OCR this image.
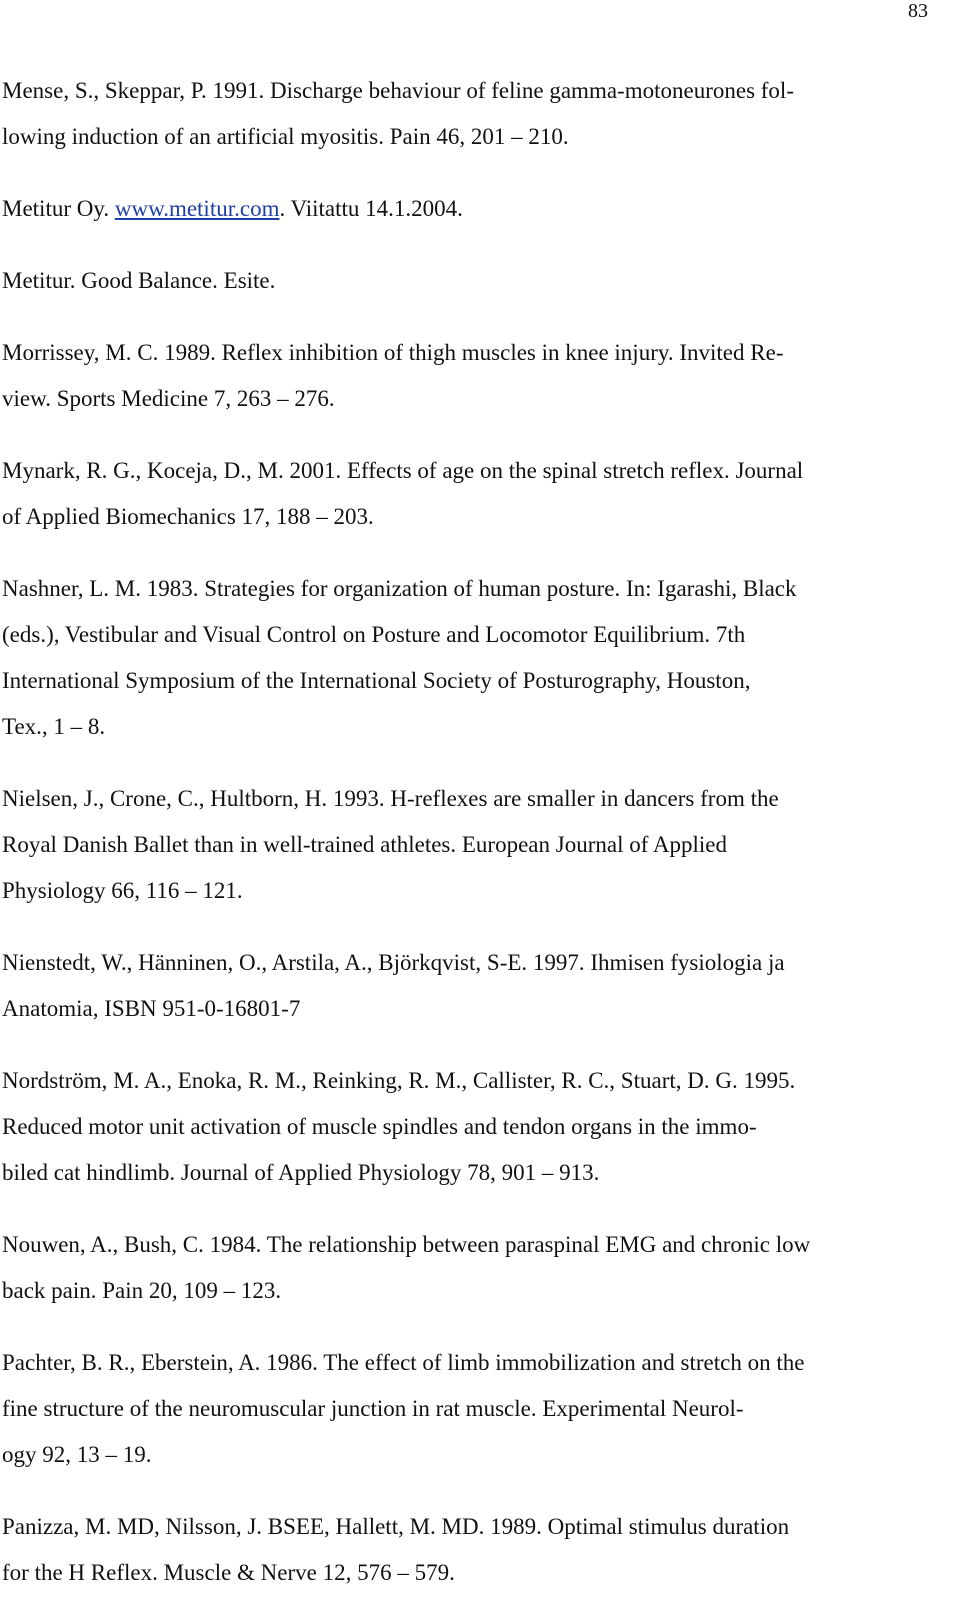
83
Mense, S., Skeppar, P. 1991. Discharge behaviour of feline gamma-motoneurones fol-
lowing induction of an artificial myositis. Pain 46, 201 – 210.
Metitur Oy. www.metitur.com. Viitattu 14.1.2004.
Metitur. Good Balance. Esite.
Morrissey, M. C. 1989. Reflex inhibition of thigh muscles in knee injury. Invited Re-
view. Sports Medicine 7, 263 – 276.
Mynark, R. G., Koceja, D., M. 2001. Effects of age on the spinal stretch reflex. Journal
of Applied Biomechanics 17, 188 – 203.
Nashner, L. M. 1983. Strategies for organization of human posture. In: Igarashi, Black
(eds.), Vestibular and Visual Control on Posture and Locomotor Equilibrium. 7th
International Symposium of the International Society of Posturography, Houston,
Tex., 1 – 8.
Nielsen, J., Crone, C., Hultborn, H. 1993. H-reflexes are smaller in dancers from the
Royal Danish Ballet than in well-trained athletes. European Journal of Applied
Physiology 66, 116 – 121.
Nienstedt, W., Hänninen, O., Arstila, A., Björkqvist, S-E. 1997. Ihmisen fysiologia ja
Anatomia, ISBN 951-0-16801-7
Nordström, M. A., Enoka, R. M., Reinking, R. M., Callister, R. C., Stuart, D. G. 1995.
Reduced motor unit activation of muscle spindles and tendon organs in the immo-
biled cat hindlimb. Journal of Applied Physiology 78, 901 – 913.
Nouwen, A., Bush, C. 1984. The relationship between paraspinal EMG and chronic low
back pain. Pain 20, 109 – 123.
Pachter, B. R., Eberstein, A. 1986. The effect of limb immobilization and stretch on the
fine structure of the neuromuscular junction in rat muscle. Experimental Neurol-
ogy 92, 13 – 19.
Panizza, M. MD, Nilsson, J. BSEE, Hallett, M. MD. 1989. Optimal stimulus duration
for the H Reflex. Muscle & Nerve 12, 576 – 579.
